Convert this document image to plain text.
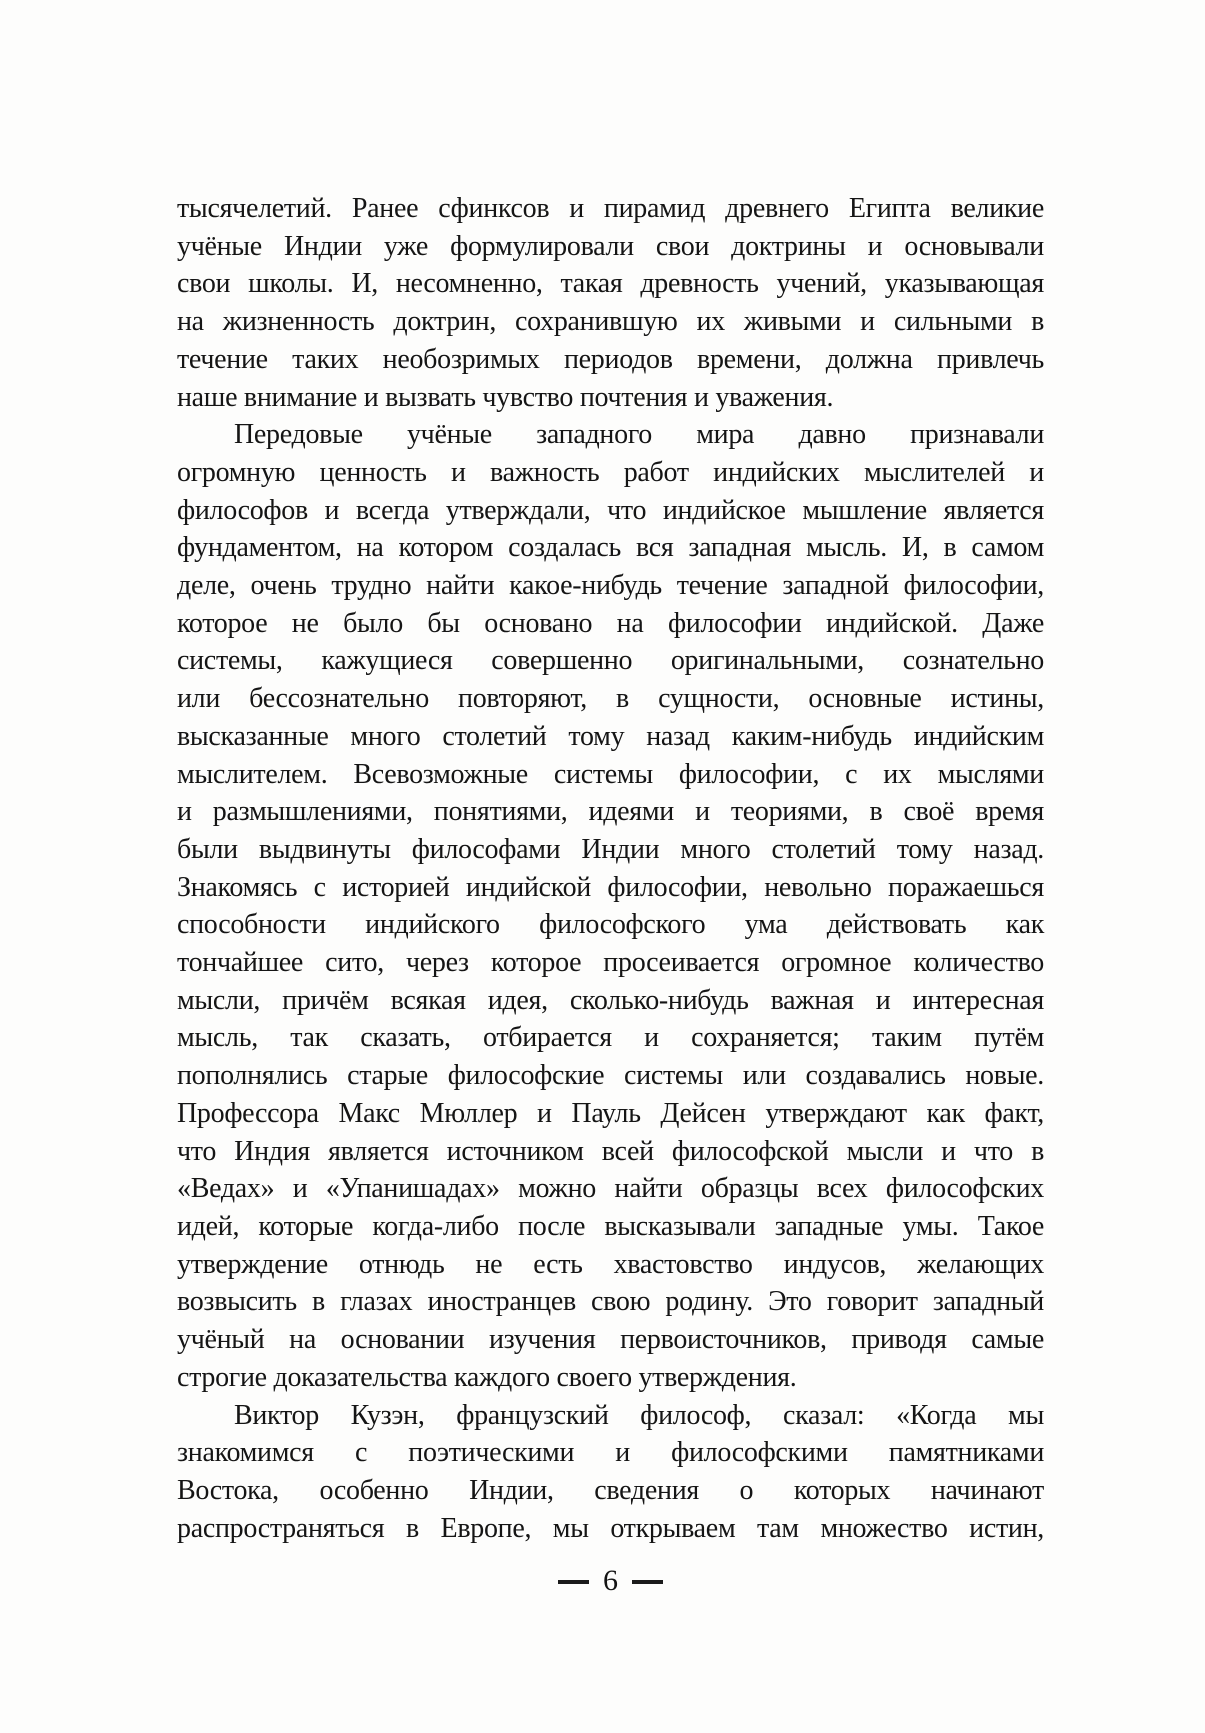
тысячелетий. Ранее сфинксов и пирамид древнего Египта великие
учёные Индии уже формулировали свои доктрины и основывали
свои школы. И, несомненно, такая древность учений, указывающая
на жизненность доктрин, сохранившую их живыми и сильными в
течение таких необозримых периодов времени, должна привлечь
наше внимание и вызвать чувство почтения и уважения.
Передовые учёные западного мира давно признавали
огромную ценность и важность работ индийских мыслителей и
философов и всегда утверждали, что индийское мышление является
фундаментом, на котором создалась вся западная мысль. И, в самом
деле, очень трудно найти какое-нибудь течение западной философии,
которое не было бы основано на философии индийской. Даже
системы, кажущиеся совершенно оригинальными, сознательно
или бессознательно повторяют, в сущности, основные истины,
высказанные много столетий тому назад каким-нибудь индийским
мыслителем. Всевозможные системы философии, с их мыслями
и размышлениями, понятиями, идеями и теориями, в своё время
были выдвинуты философами Индии много столетий тому назад.
Знакомясь с историей индийской философии, невольно поражаешься
способности индийского философского ума действовать как
тончайшее сито, через которое просеивается огромное количество
мысли, причём всякая идея, сколько-нибудь важная и интересная
мысль, так сказать, отбирается и сохраняется; таким путём
пополнялись старые философские системы или создавались новые.
Профессора Макс Мюллер и Пауль Дейсен утверждают как факт,
что Индия является источником всей философской мысли и что в
«Ведах» и «Упанишадах» можно найти образцы всех философских
идей, которые когда-либо после высказывали западные умы. Такое
утверждение отнюдь не есть хвастовство индусов, желающих
возвысить в глазах иностранцев свою родину. Это говорит западный
учёный на основании изучения первоисточников, приводя самые
строгие доказательства каждого своего утверждения.
Виктор Кузэн, французский философ, сказал: «Когда мы
знакомимся с поэтическими и философскими памятниками
Востока, особенно Индии, сведения о которых начинают
распространяться в Европе, мы открываем там множество истин,
6
